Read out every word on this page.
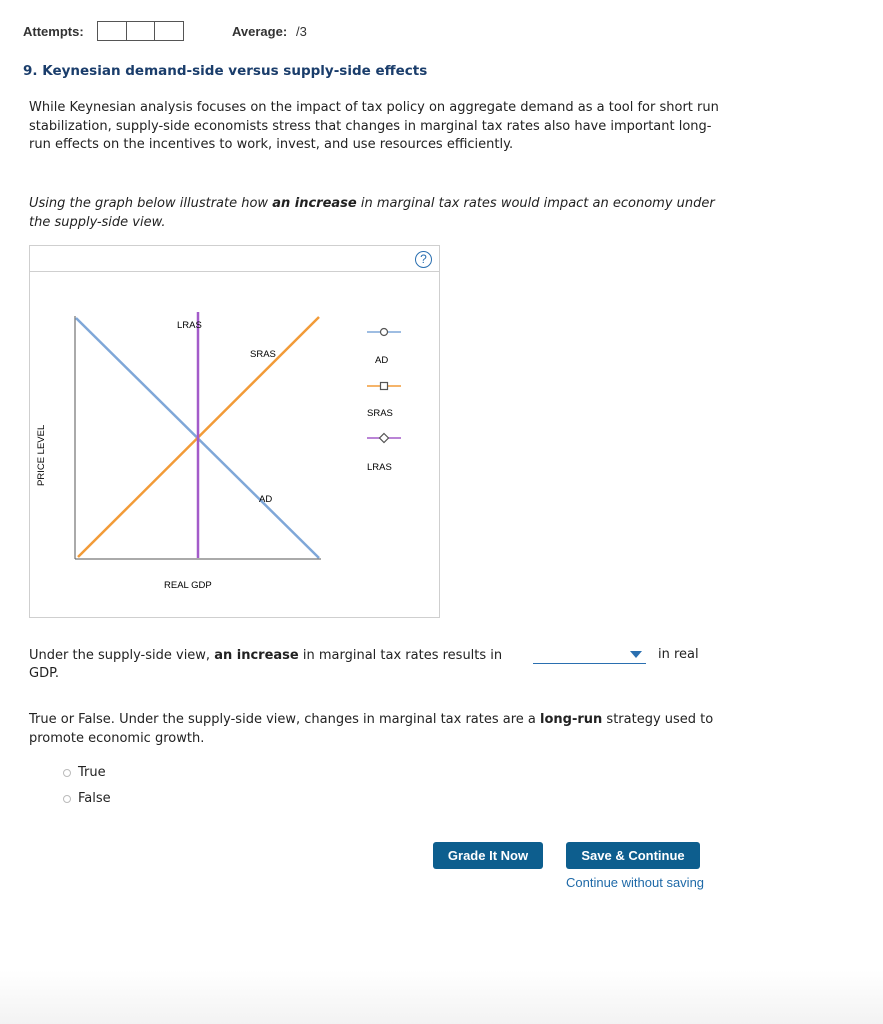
Attempts:	Average: /3
9. Keynesian demand-side versus supply-side effects
While Keynesian analysis focuses on the impact of tax policy on aggregate demand as a tool for short run stabilization, supply-side economists stress that changes in marginal tax rates also have important long-run effects on the incentives to work, invest, and use resources efficiently.
Using the graph below illustrate how an increase in marginal tax rates would impact an economy under the supply-side view.
?
LRAS
SRAS
AD
REAL GDP
PRICE LEVEL
AD
SRAS
LRAS
Under the supply-side view, an increase in marginal tax rates results in	in real
GDP.
True or False. Under the supply-side view, changes in marginal tax rates are a long-run strategy used to promote economic growth.
True
False
Grade It Now	Save & Continue
Continue without saving
